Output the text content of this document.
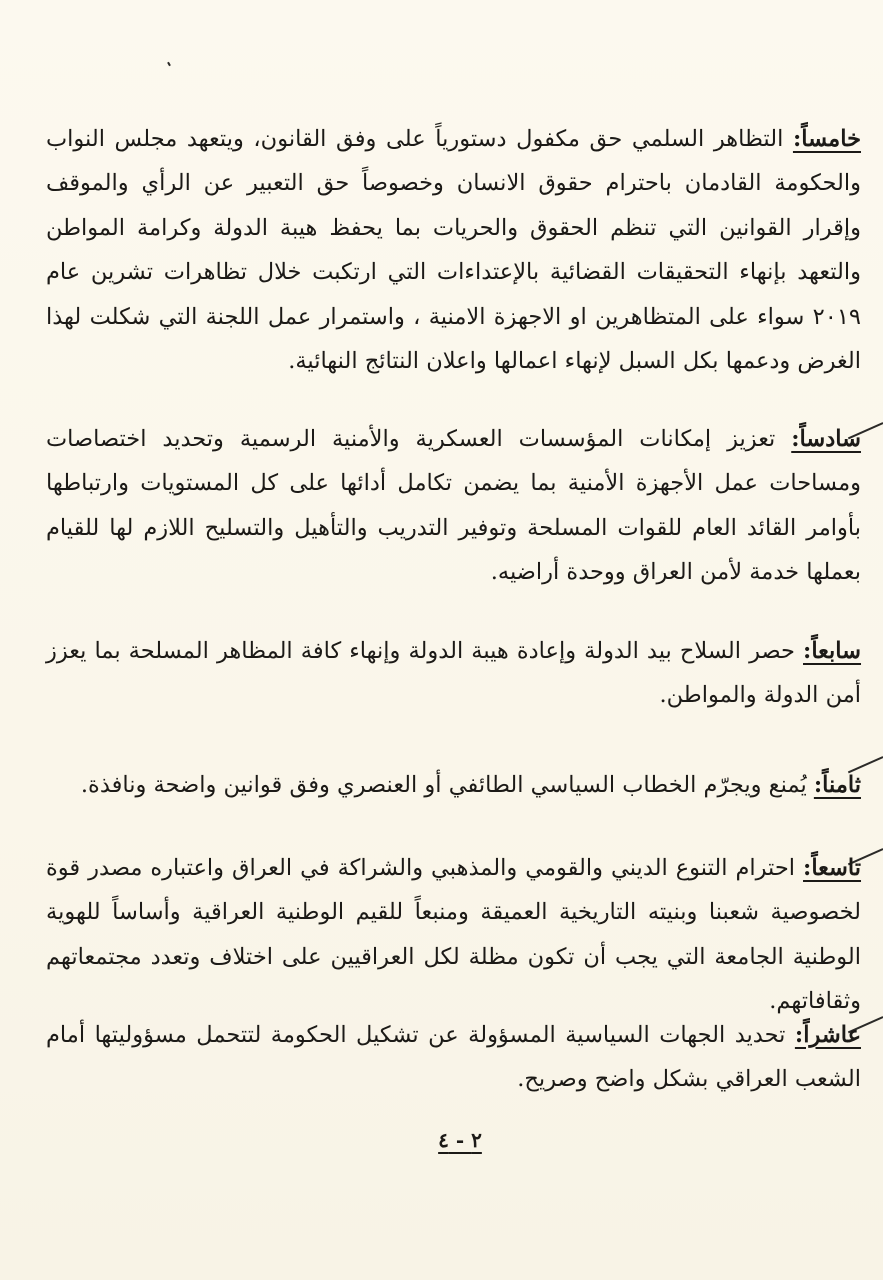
خامساً: التظاهر السلمي حق مكفول دستورياً على وفق القانون، ويتعهد مجلس النواب والحكومة القادمان باحترام حقوق الانسان وخصوصاً حق التعبير عن الرأي والموقف وإقرار القوانين التي تنظم الحقوق والحريات بما يحفظ هيبة الدولة وكرامة المواطن والتعهد بإنهاء التحقيقات القضائية بالإعتداءات التي ارتكبت خلال تظاهرات تشرين عام ٢٠١٩ سواء على المتظاهرين او الاجهزة الامنية ، واستمرار عمل اللجنة التي شكلت لهذا الغرض ودعمها بكل السبل لإنهاء اعمالها واعلان النتائج النهائية.

سادساً: تعزيز إمكانات المؤسسات العسكرية والأمنية الرسمية وتحديد اختصاصات ومساحات عمل الأجهزة الأمنية بما يضمن تكامل أدائها على كل المستويات وارتباطها بأوامر القائد العام للقوات المسلحة وتوفير التدريب والتأهيل والتسليح اللازم لها للقيام بعملها خدمة لأمن العراق ووحدة أراضيه.

سابعاً: حصر السلاح بيد الدولة وإعادة هيبة الدولة وإنهاء كافة المظاهر المسلحة بما يعزز أمن الدولة والمواطن.

ثامناً: يُمنع ويجرّم الخطاب السياسي الطائفي أو العنصري وفق قوانين واضحة ونافذة.

تاسعاً: احترام التنوع الديني والقومي والمذهبي والشراكة في العراق واعتباره مصدر قوة لخصوصية شعبنا وبنيته التاريخية العميقة ومنبعاً للقيم الوطنية العراقية وأساساً للهوية الوطنية الجامعة التي يجب أن تكون مظلة لكل العراقيين على اختلاف وتعدد مجتمعاتهم وثقافاتهم.

عاشراً: تحديد الجهات السياسية المسؤولة عن تشكيل الحكومة لتتحمل مسؤوليتها أمام الشعب العراقي بشكل واضح وصريح.

٢ - ٤
